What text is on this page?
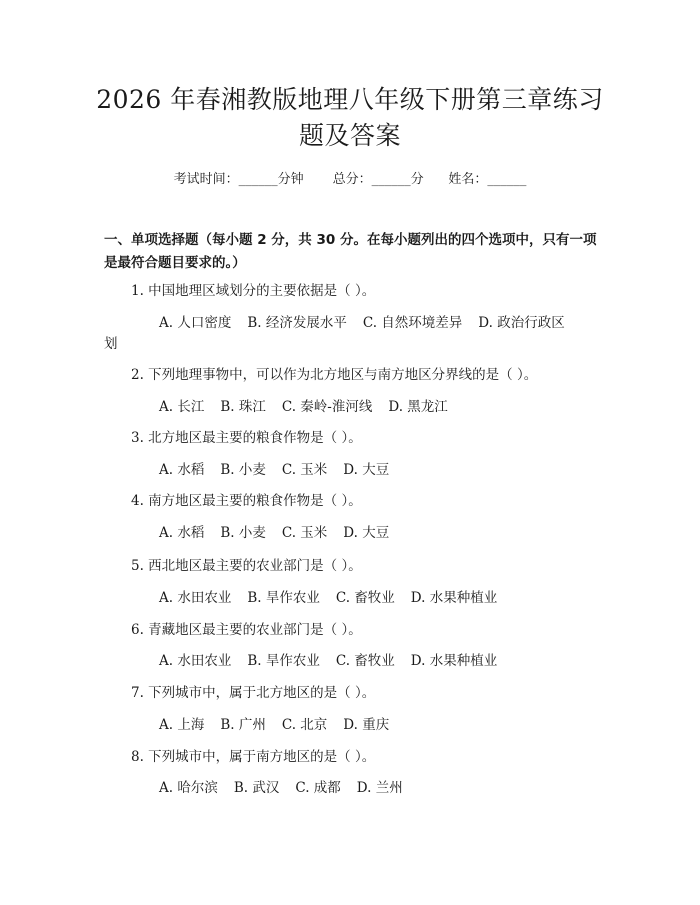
2026 年春湘教版地理八年级下册第三章练习
题及答案
考试时间：______分钟 总分：______分 姓名：______
一、单项选择题（每小题 2 分，共 30 分。在每小题列出的四个选项中，只有一项
是最符合题目要求的。）
1. 中国地理区域划分的主要依据是（ ）。
A. 人口密度 B. 经济发展水平 C. 自然环境差异 D. 政治行政区
划
2. 下列地理事物中，可以作为北方地区与南方地区分界线的是（ ）。
A. 长江 B. 珠江 C. 秦岭-淮河线 D. 黑龙江
3. 北方地区最主要的粮食作物是（ ）。
A. 水稻 B. 小麦 C. 玉米 D. 大豆
4. 南方地区最主要的粮食作物是（ ）。
A. 水稻 B. 小麦 C. 玉米 D. 大豆
5. 西北地区最主要的农业部门是（ ）。
A. 水田农业 B. 旱作农业 C. 畜牧业 D. 水果种植业
6. 青藏地区最主要的农业部门是（ ）。
A. 水田农业 B. 旱作农业 C. 畜牧业 D. 水果种植业
7. 下列城市中，属于北方地区的是（ ）。
A. 上海 B. 广州 C. 北京 D. 重庆
8. 下列城市中，属于南方地区的是（ ）。
A. 哈尔滨 B. 武汉 C. 成都 D. 兰州
